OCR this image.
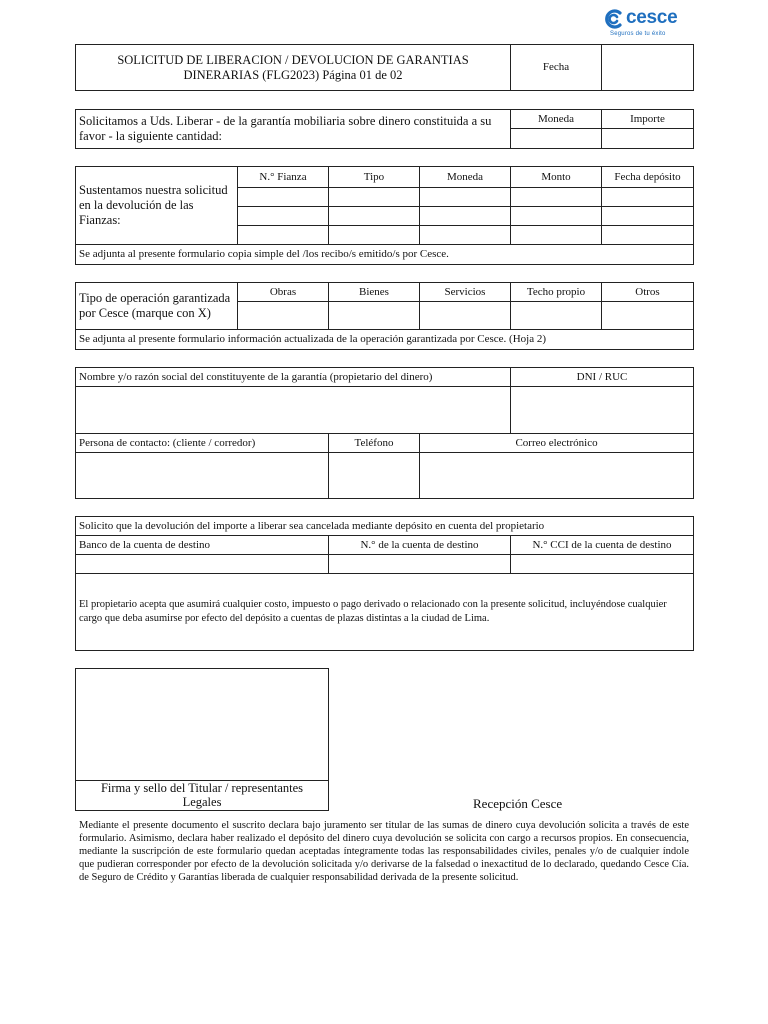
cesce
Seguros de tu éxito
SOLICITUD DE LIBERACION / DEVOLUCION DE GARANTIAS DINERARIAS (FLG2023) Página 01 de 02	Fecha	
Solicitamos a Uds. Liberar - de la garantía mobiliaria sobre dinero constituida a su favor - la siguiente cantidad:	Moneda	Importe

Sustentamos nuestra solicitud en la devolución de las Fianzas:	N.° Fianza	Tipo	Moneda	Monto	Fecha depósito

Se adjunta al presente formulario copia simple del /los recibo/s emitido/s por Cesce.					
Tipo de operación garantizada por Cesce (marque con X)	Obras	Bienes	Servicios	Techo propio	Otros

Se adjunta al presente formulario información actualizada de la operación garantizada por Cesce. (Hoja 2)					
Nombre y/o razón social del constituyente de la garantía (propietario del dinero)			DNI / RUC

Persona de contacto: (cliente / corredor)	Teléfono	Correo electrónico	

Solicito que la devolución del importe a liberar sea cancelada mediante depósito en cuenta del propietario		
Banco de la cuenta de destino	N.° de la cuenta de destino	N.° CCI de la cuenta de destino

El propietario acepta que asumirá cualquier costo, impuesto o pago derivado o relacionado con la presente solicitud, incluyéndose cualquier cargo que deba asumirse por efecto del depósito a cuentas de plazas distintas a la ciudad de Lima.		
Firma y sello del Titular / representantes Legales	Recepción Cesce
Mediante el presente documento el suscrito declara bajo juramento ser titular de las sumas de dinero cuya devolución solicita a través de este formulario. Asimismo, declara haber realizado el depósito del dinero cuya devolución se solicita con cargo a recursos propios. En consecuencia, mediante la suscripción de este formulario quedan aceptadas íntegramente todas las responsabilidades civiles, penales y/o de cualquier índole que pudieran corresponder por efecto de la devolución solicitada y/o derivarse de la falsedad o inexactitud de lo declarado, quedando Cesce Cía. de Seguro de Crédito y Garantías liberada de cualquier responsabilidad derivada de la presente solicitud.
